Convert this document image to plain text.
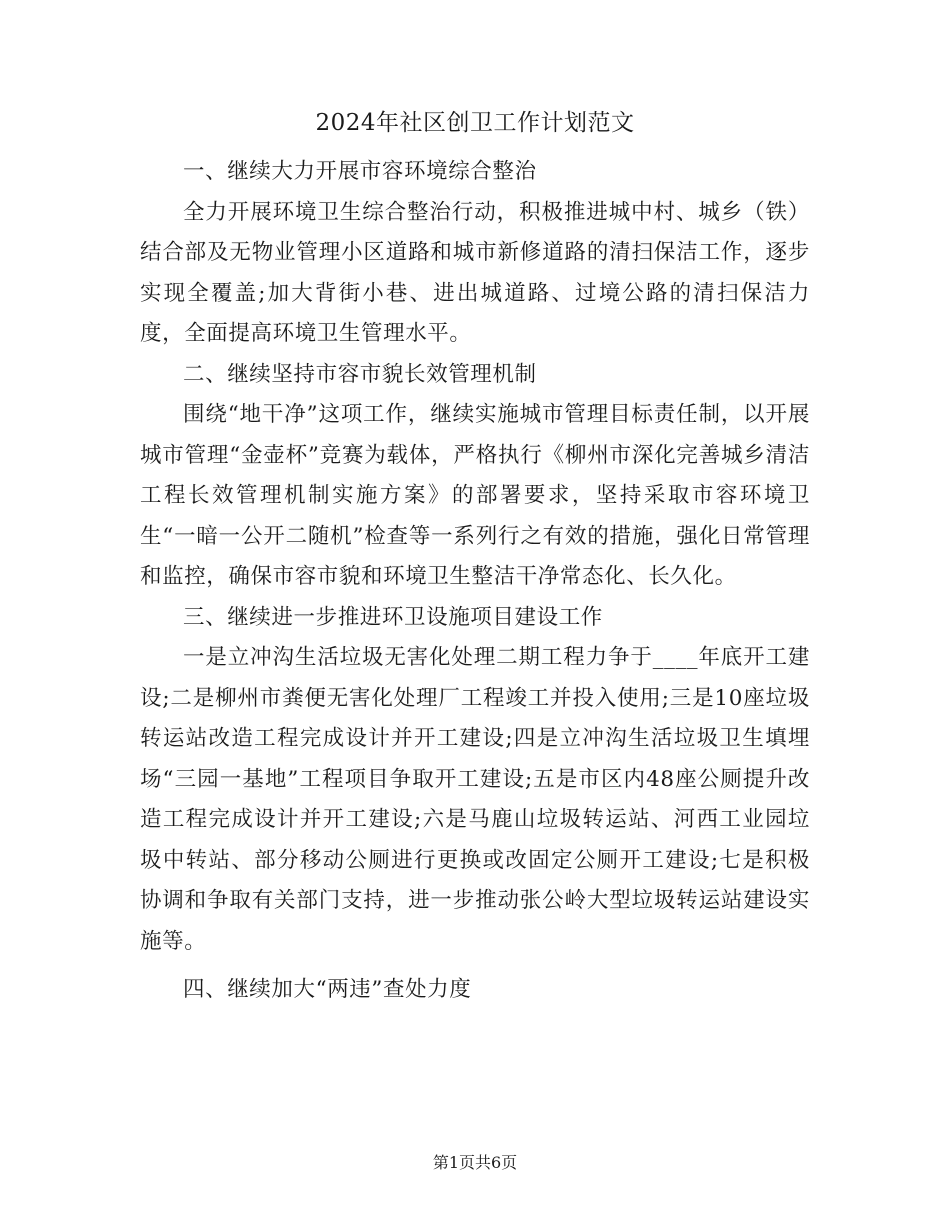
2024年社区创卫工作计划范文

一、继续大力开展市容环境综合整治

全力开展环境卫生综合整治行动，积极推进城中村、城乡（铁）结合部及无物业管理小区道路和城市新修道路的清扫保洁工作，逐步实现全覆盖;加大背街小巷、进出城道路、过境公路的清扫保洁力度，全面提高环境卫生管理水平。

二、继续坚持市容市貌长效管理机制

围绕“地干净”这项工作，继续实施城市管理目标责任制，以开展城市管理“金壶杯”竞赛为载体，严格执行《柳州市深化完善城乡清洁工程长效管理机制实施方案》的部署要求，坚持采取市容环境卫生“一暗一公开二随机”检查等一系列行之有效的措施，强化日常管理和监控，确保市容市貌和环境卫生整洁干净常态化、长久化。

三、继续进一步推进环卫设施项目建设工作

一是立冲沟生活垃圾无害化处理二期工程力争于____年底开工建设;二是柳州市粪便无害化处理厂工程竣工并投入使用;三是10座垃圾转运站改造工程完成设计并开工建设;四是立冲沟生活垃圾卫生填埋场“三园一基地”工程项目争取开工建设;五是市区内48座公厕提升改造工程完成设计并开工建设;六是马鹿山垃圾转运站、河西工业园垃圾中转站、部分移动公厕进行更换或改固定公厕开工建设;七是积极协调和争取有关部门支持，进一步推动张公岭大型垃圾转运站建设实施等。

四、继续加大“两违”查处力度

第1页共6页
